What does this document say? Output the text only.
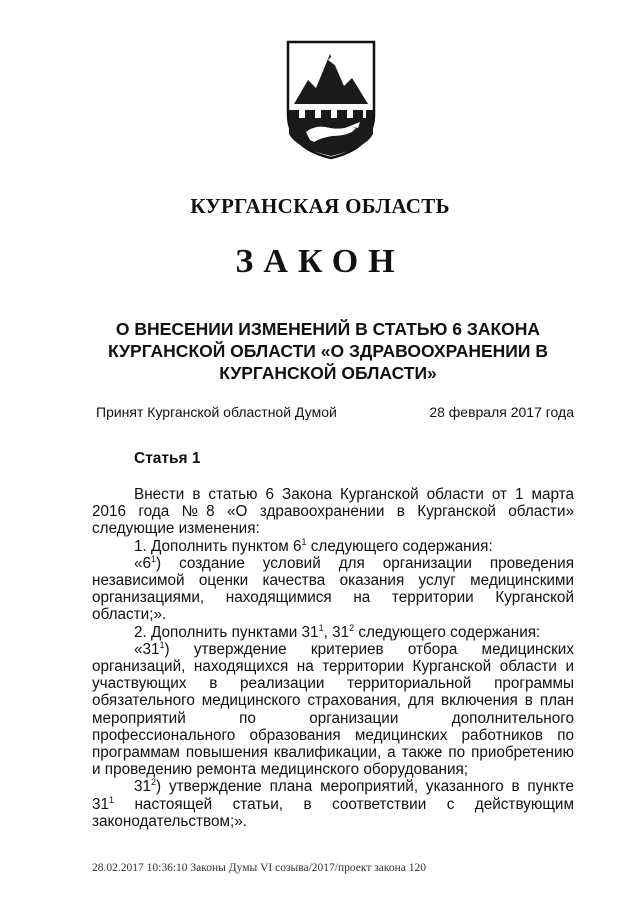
КУРГАНСКАЯ ОБЛАСТЬ
ЗАКОН
О ВНЕСЕНИИ ИЗМЕНЕНИЙ В СТАТЬЮ 6 ЗАКОНА КУРГАНСКОЙ ОБЛАСТИ «О ЗДРАВООХРАНЕНИИ В КУРГАНСКОЙ ОБЛАСТИ»
Принят Курганской областной Думой	28 февраля 2017 года
Статья 1

Внести в статью 6 Закона Курганской области от 1 марта 2016 года №8 «О здравоохранении в Курганской области» следующие изменения:

1. Дополнить пунктом $6^1$ следующего содержания:

«$6^1$) создание условий для организации проведения независимой оценки качества оказания услуг медицинскими организациями, находящимися на территории Курганской области;».

2. Дополнить пунктами $31^1$, $31^2$ следующего содержания:

«$31^1$) утверждение критериев отбора медицинских организаций, находящихся на территории Курганской области и участвующих в реализации территориальной программы обязательного медицинского страхования, для включения в план мероприятий по организации дополнительного профессионального образования медицинских работников по программам повышения квалификации, а также по приобретению и проведению ремонта медицинского оборудования;

$31^2$) утверждение плана мероприятий, указанного в пункте $31^1$ настоящей статьи, в соответствии с действующим законодательством;».

28.02.2017 10:36:10 Законы Думы VI созыва/2017/проект закона 120
